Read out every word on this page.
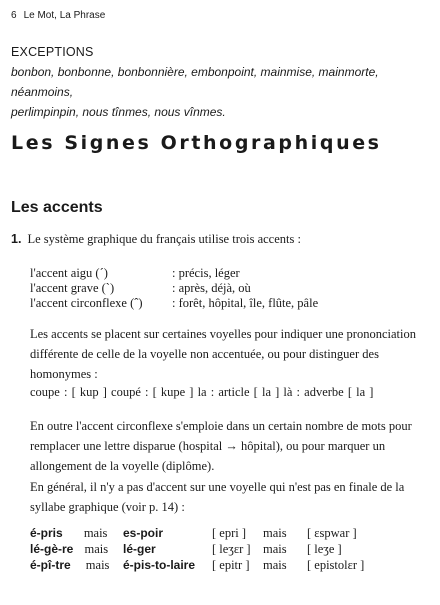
6 Le Mot, La Phrase
EXCEPTIONS
bonbon, bonbonne, bonbonnière, embonpoint, mainmise, mainmorte, néanmoins,
perlimpinpin, nous tînmes, nous vînmes.
Les Signes Orthographiques
Les accents
1. Le système graphique du français utilise trois accents :
l'accent aigu (´)	: précis, léger
l'accent grave (`)	: après, déjà, où
l'accent circonflexe (ˆ) : forêt, hôpital, île, flûte, pâle
Les accents se placent sur certaines voyelles pour indiquer une prononciation différente de celle de la voyelle non accentuée, ou pour distinguer des homonymes :
coupe : [ kup ] coupé : [ kupe ] la : article [ la ] là : adverbe [ la ]
En outre l'accent circonflexe s'emploie dans un certain nombre de mots pour remplacer une lettre disparue (hospital → hôpital), ou pour marquer un allongement de la voyelle (diplôme).
En général, il n'y a pas d'accent sur une voyelle qui n'est pas en finale de la syllabe graphique (voir p. 14) :
é-pris mais es-poir	[ epri ] mais [ ɛspwar ]
lé-gè-re mais lé-ger	[ leʒɛr ] mais [ leʒe ]
é-pî-tre mais é-pis-to-laire [ epitr ] mais [ epistolɛr ]
